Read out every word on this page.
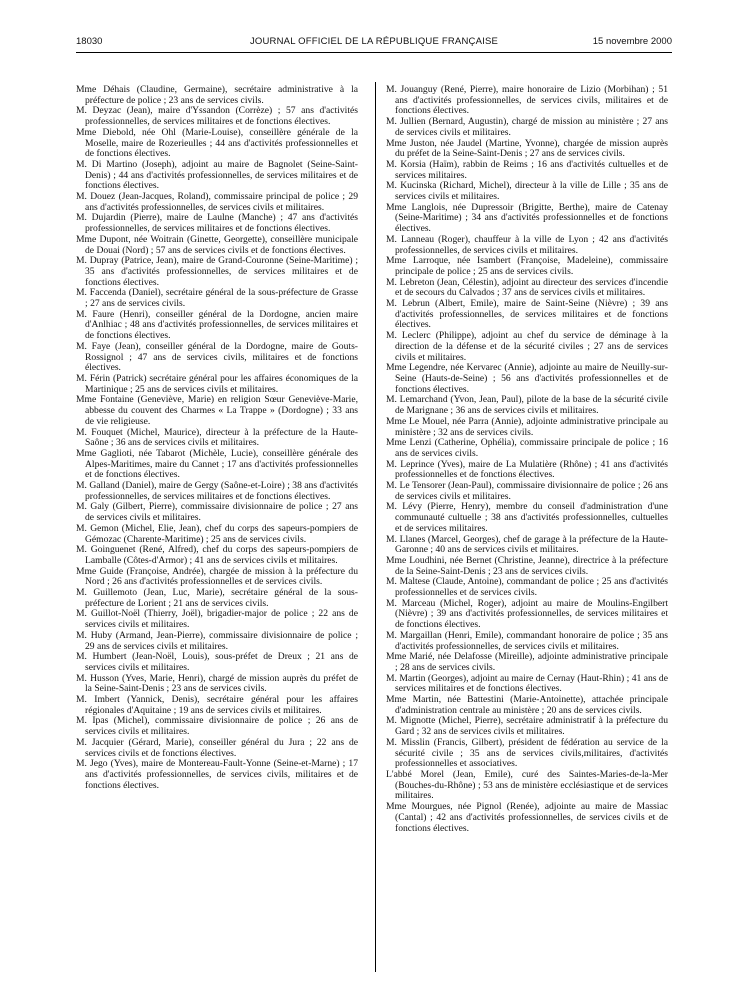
18030	JOURNAL OFFICIEL DE LA RÉPUBLIQUE FRANÇAISE	15 novembre 2000

Mme Déhais (Claudine, Germaine), secrétaire administrative à la préfecture de police ; 23 ans de services civils.

M. Deyzac (Jean), maire d'Yssandon (Corrèze) ; 57 ans d'activités professionnelles, de services militaires et de fonctions électives.

Mme Diebold, née Ohl (Marie-Louise), conseillère générale de la Moselle, maire de Rozerieulles ; 44 ans d'activités professionnelles et de fonctions électives.

M. Di Martino (Joseph), adjoint au maire de Bagnolet (Seine-Saint-Denis) ; 44 ans d'activités professionnelles, de services militaires et de fonctions électives.

M. Douez (Jean-Jacques, Roland), commissaire principal de police ; 29 ans d'activités professionnelles, de services civils et militaires.

M. Dujardin (Pierre), maire de Laulne (Manche) ; 47 ans d'activités professionnelles, de services militaires et de fonctions électives.

Mme Dupont, née Woitrain (Ginette, Georgette), conseillère municipale de Douai (Nord) ; 57 ans de services civils et de fonctions électives.

M. Dupray (Patrice, Jean), maire de Grand-Couronne (Seine-Maritime) ; 35 ans d'activités professionnelles, de services militaires et de fonctions électives.

M. Faccenda (Daniel), secrétaire général de la sous-préfecture de Grasse ; 27 ans de services civils.

M. Faure (Henri), conseiller général de la Dordogne, ancien maire d'Anlhiac ; 48 ans d'activités professionnelles, de services militaires et de fonctions électives.

M. Faye (Jean), conseiller général de la Dordogne, maire de Gouts-Rossignol ; 47 ans de services civils, militaires et de fonctions électives.

M. Férin (Patrick) secrétaire général pour les affaires économiques de la Martinique ; 25 ans de services civils et militaires.

Mme Fontaine (Geneviève, Marie) en religion Sœur Geneviève-Marie, abbesse du couvent des Charmes « La Trappe » (Dordogne) ; 33 ans de vie religieuse.

M. Fouquet (Michel, Maurice), directeur à la préfecture de la Haute-Saône ; 36 ans de services civils et militaires.

Mme Gaglioti, née Tabarot (Michèle, Lucie), conseillère générale des Alpes-Maritimes, maire du Cannet ; 17 ans d'activités professionnelles et de fonctions électives.

M. Galland (Daniel), maire de Gergy (Saône-et-Loire) ; 38 ans d'activités professionnelles, de services militaires et de fonctions électives.

M. Galy (Gilbert, Pierre), commissaire divisionnaire de police ; 27 ans de services civils et militaires.

M. Gemon (Michel, Elie, Jean), chef du corps des sapeurs-pompiers de Gémozac (Charente-Maritime) ; 25 ans de services civils.

M. Goinguenet (René, Alfred), chef du corps des sapeurs-pompiers de Lamballe (Côtes-d'Armor) ; 41 ans de services civils et militaires.

Mme Guide (Françoise, Andrée), chargée de mission à la préfecture du Nord ; 26 ans d'activités professionnelles et de services civils.

M. Guillemoto (Jean, Luc, Marie), secrétaire général de la sous-préfecture de Lorient ; 21 ans de services civils.

M. Guillot-Noël (Thierry, Joël), brigadier-major de police ; 22 ans de services civils et militaires.

M. Huby (Armand, Jean-Pierre), commissaire divisionnaire de police ; 29 ans de services civils et militaires.

M. Humbert (Jean-Noël, Louis), sous-préfet de Dreux ; 21 ans de services civils et militaires.

M. Husson (Yves, Marie, Henri), chargé de mission auprès du préfet de la Seine-Saint-Denis ; 23 ans de services civils.

M. Imbert (Yannick, Denis), secrétaire général pour les affaires régionales d'Aquitaine ; 19 ans de services civils et militaires.

M. Ipas (Michel), commissaire divisionnaire de police ; 26 ans de services civils et militaires.

M. Jacquier (Gérard, Marie), conseiller général du Jura ; 22 ans de services civils et de fonctions électives.

M. Jego (Yves), maire de Montereau-Fault-Yonne (Seine-et-Marne) ; 17 ans d'activités professionnelles, de services civils, militaires et de fonctions électives.

M. Jouanguy (René, Pierre), maire honoraire de Lizio (Morbihan) ; 51 ans d'activités professionnelles, de services civils, militaires et de fonctions électives.

M. Jullien (Bernard, Augustin), chargé de mission au ministère ; 27 ans de services civils et militaires.

Mme Juston, née Jaudel (Martine, Yvonne), chargée de mission auprès du préfet de la Seine-Saint-Denis ; 27 ans de services civils.

M. Korsia (Haïm), rabbin de Reims ; 16 ans d'activités cultuelles et de services militaires.

M. Kucinska (Richard, Michel), directeur à la ville de Lille ; 35 ans de services civils et militaires.

Mme Langlois, née Dupressoir (Brigitte, Berthe), maire de Catenay (Seine-Maritime) ; 34 ans d'activités professionnelles et de fonctions électives.

M. Lanneau (Roger), chauffeur à la ville de Lyon ; 42 ans d'activités professionnelles, de services civils et militaires.

Mme Larroque, née Isambert (Françoise, Madeleine), commissaire principale de police ; 25 ans de services civils.

M. Lebreton (Jean, Célestin), adjoint au directeur des services d'incendie et de secours du Calvados ; 37 ans de services civils et militaires.

M. Lebrun (Albert, Emile), maire de Saint-Seine (Nièvre) ; 39 ans d'activités professionnelles, de services militaires et de fonctions électives.

M. Leclerc (Philippe), adjoint au chef du service de déminage à la direction de la défense et de la sécurité civiles ; 27 ans de services civils et militaires.

Mme Legendre, née Kervarec (Annie), adjointe au maire de Neuilly-sur-Seine (Hauts-de-Seine) ; 56 ans d'activités professionnelles et de fonctions électives.

M. Lemarchand (Yvon, Jean, Paul), pilote de la base de la sécurité civile de Marignane ; 36 ans de services civils et militaires.

Mme Le Mouel, née Parra (Annie), adjointe administrative principale au ministère ; 32 ans de services civils.

Mme Lenzi (Catherine, Ophélia), commissaire principale de police ; 16 ans de services civils.

M. Leprince (Yves), maire de La Mulatière (Rhône) ; 41 ans d'activités professionnelles et de fonctions électives.

M. Le Tensorer (Jean-Paul), commissaire divisionnaire de police ; 26 ans de services civils et militaires.

M. Lévy (Pierre, Henry), membre du conseil d'administration d'une communauté cultuelle ; 38 ans d'activités professionnelles, cultuelles et de services militaires.

M. Llanes (Marcel, Georges), chef de garage à la préfecture de la Haute-Garonne ; 40 ans de services civils et militaires.

Mme Loudhini, née Bernet (Christine, Jeanne), directrice à la préfecture de la Seine-Saint-Denis ; 23 ans de services civils.

M. Maltese (Claude, Antoine), commandant de police ; 25 ans d'activités professionnelles et de services civils.

M. Marceau (Michel, Roger), adjoint au maire de Moulins-Engilbert (Nièvre) ; 39 ans d'activités professionnelles, de services militaires et de fonctions électives.

M. Margaillan (Henri, Emile), commandant honoraire de police ; 35 ans d'activités professionnelles, de services civils et militaires.

Mme Marié, née Delafosse (Mireille), adjointe administrative principale ; 28 ans de services civils.

M. Martin (Georges), adjoint au maire de Cernay (Haut-Rhin) ; 41 ans de services militaires et de fonctions électives.

Mme Martin, née Battestini (Marie-Antoinette), attachée principale d'administration centrale au ministère ; 20 ans de services civils.

M. Mignotte (Michel, Pierre), secrétaire administratif à la préfecture du Gard ; 32 ans de services civils et militaires.

M. Misslin (Francis, Gilbert), président de fédération au service de la sécurité civile ; 35 ans de services civils,militaires, d'activités professionnelles et associatives.

L'abbé Morel (Jean, Emile), curé des Saintes-Maries-de-la-Mer (Bouches-du-Rhône) ; 53 ans de ministère ecclésiastique et de services militaires.

Mme Mourgues, née Pignol (Renée), adjointe au maire de Massiac (Cantal) ; 42 ans d'activités professionnelles, de services civils et de fonctions électives.
